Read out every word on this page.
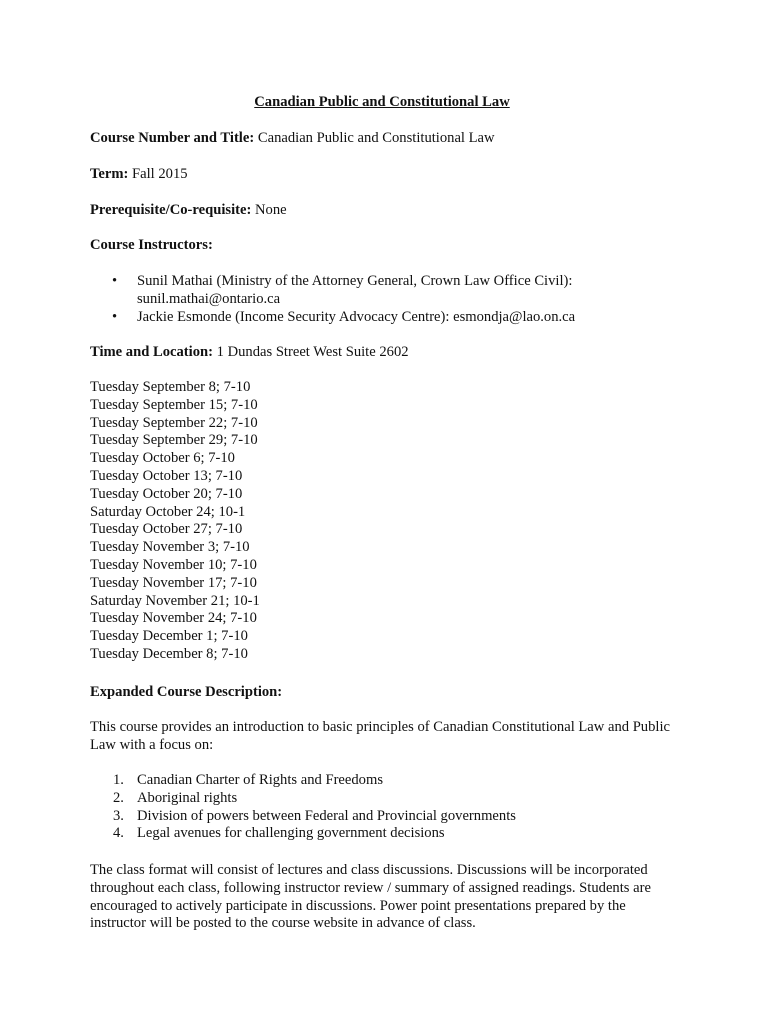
Canadian Public and Constitutional Law
Course Number and Title: Canadian Public and Constitutional Law
Term: Fall 2015
Prerequisite/Co-requisite: None
Course Instructors:
• Sunil Mathai (Ministry of the Attorney General, Crown Law Office Civil): sunil.mathai@ontario.ca
• Jackie Esmonde (Income Security Advocacy Centre): esmondja@lao.on.ca
Time and Location: 1 Dundas Street West Suite 2602
Tuesday September 8; 7-10
Tuesday September 15; 7-10
Tuesday September 22; 7-10
Tuesday September 29; 7-10
Tuesday October 6; 7-10
Tuesday October 13; 7-10
Tuesday October 20; 7-10
Saturday October 24; 10-1
Tuesday October 27; 7-10
Tuesday November 3; 7-10
Tuesday November 10; 7-10
Tuesday November 17; 7-10
Saturday November 21; 10-1
Tuesday November 24; 7-10
Tuesday December 1; 7-10
Tuesday December 8; 7-10
Expanded Course Description:

This course provides an introduction to basic principles of Canadian Constitutional Law and Public Law with a focus on:

1. Canadian Charter of Rights and Freedoms
2. Aboriginal rights
3. Division of powers between Federal and Provincial governments
4. Legal avenues for challenging government decisions

The class format will consist of lectures and class discussions. Discussions will be incorporated throughout each class, following instructor review / summary of assigned readings. Students are encouraged to actively participate in discussions. Power point presentations prepared by the instructor will be posted to the course website in advance of class.
